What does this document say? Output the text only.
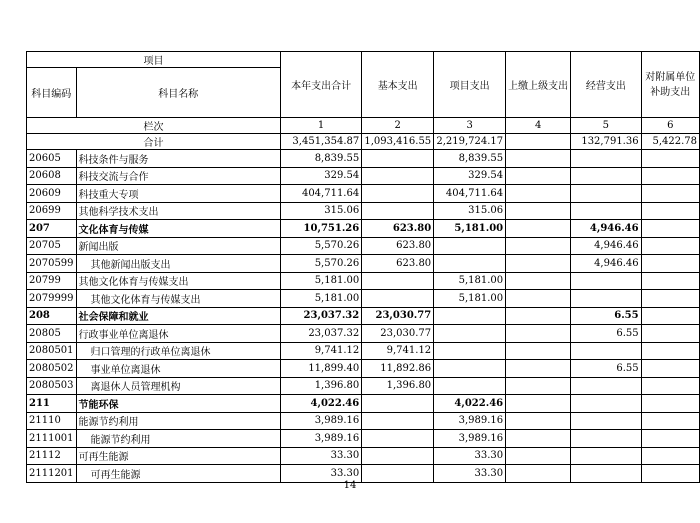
项目		本年支出合计	基本支出	项目支出	上缴上级支出	经营支出	对附属单位补助支出
科目编码	科目名称						
栏次		1	2	3	4	5	6
合计		3,451,354.87	1,093,416.55	2,219,724.17		132,791.36	5,422.78
20605	科技条件与服务	8,839.55		8,839.55			
20608	科技交流与合作	329.54		329.54			
20609	科技重大专项	404,711.64		404,711.64			
20699	其他科学技术支出	315.06		315.06			
207	文化体育与传媒	10,751.26	623.80	5,181.00		4,946.46	
20705	新闻出版	5,570.26	623.80			4,946.46	
2070599	其他新闻出版支出	5,570.26	623.80			4,946.46	
20799	其他文化体育与传媒支出	5,181.00		5,181.00			
2079999	其他文化体育与传媒支出	5,181.00		5,181.00			
208	社会保障和就业	23,037.32	23,030.77			6.55	
20805	行政事业单位离退休	23,037.32	23,030.77			6.55	
2080501	归口管理的行政单位离退休	9,741.12	9,741.12				
2080502	事业单位离退休	11,899.40	11,892.86			6.55	
2080503	离退休人员管理机构	1,396.80	1,396.80				
211	节能环保	4,022.46		4,022.46			
21110	能源节约利用	3,989.16		3,989.16			
2111001	能源节约利用	3,989.16		3,989.16			
21112	可再生能源	33.30		33.30			
2111201	可再生能源	33.30		33.30			
14
